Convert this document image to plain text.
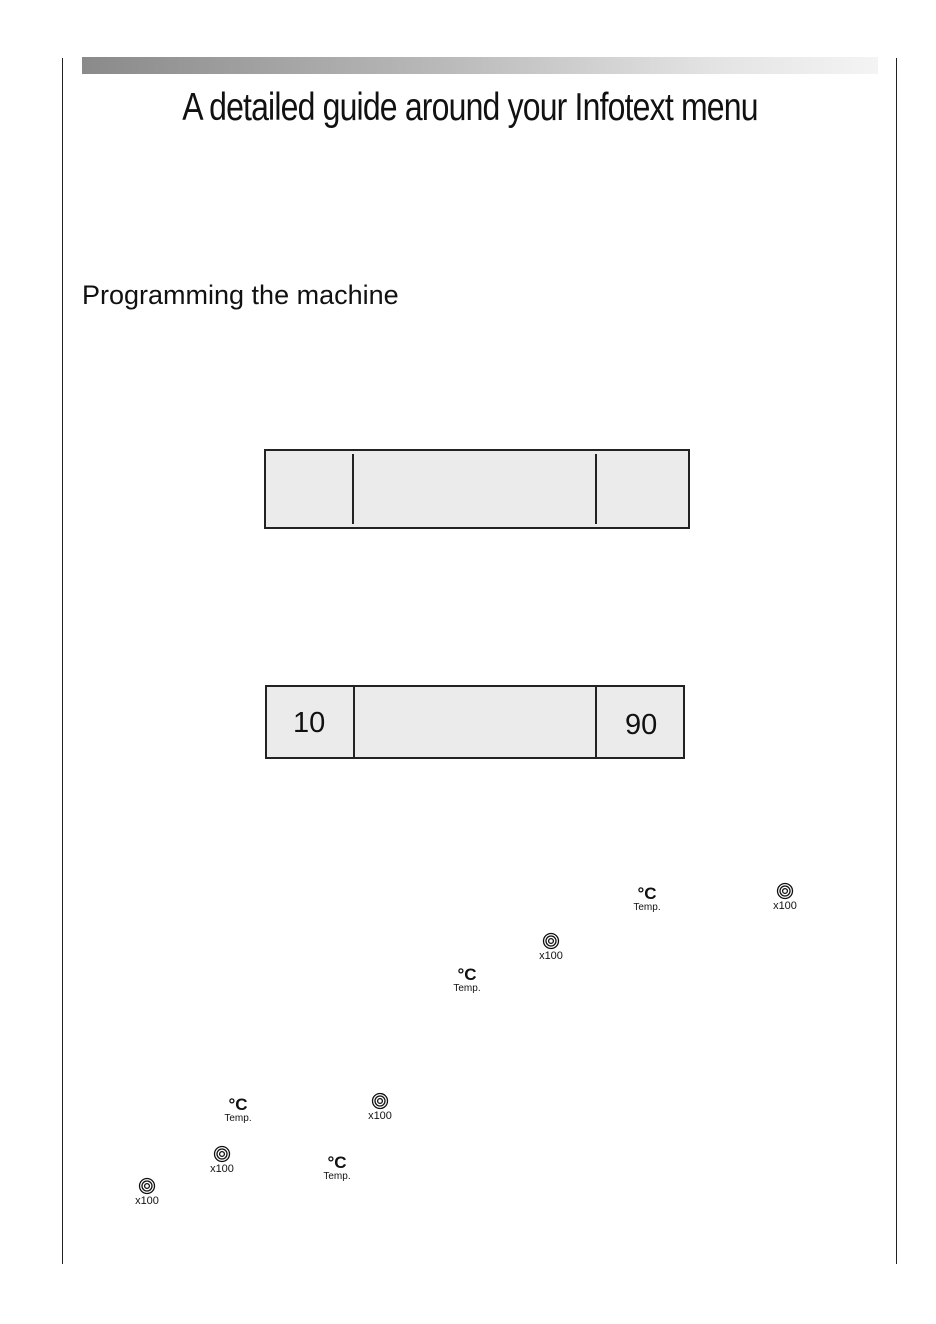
A detailed guide around your Infotext menu
Programming the machine
10	90
°C
Temp.
°C
Temp.
°C
Temp.
°C
Temp.
x100
x100
x100
x100
x100
